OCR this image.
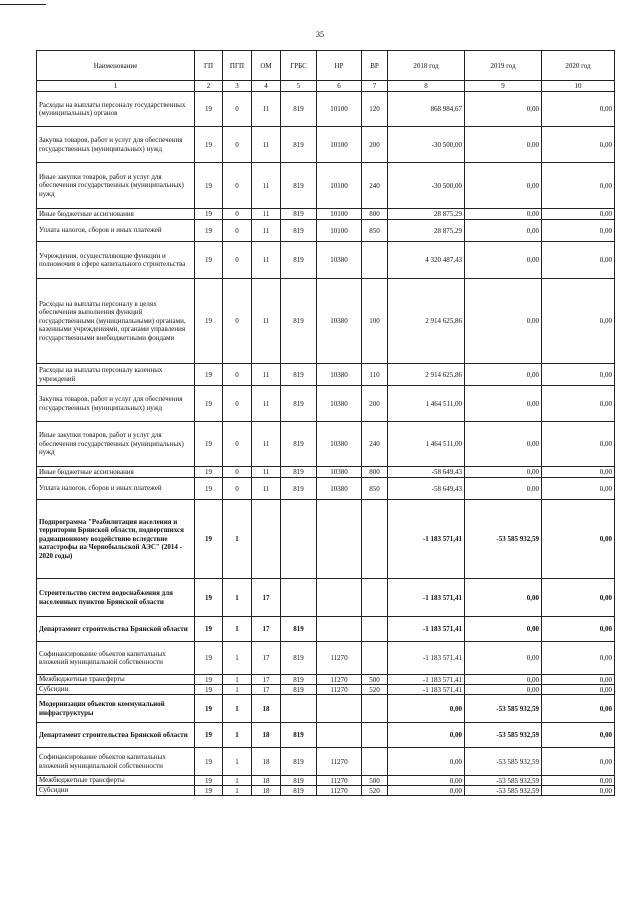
35
Наименование	ГП	ПГП	ОМ	ГРБС	НР	ВР	2018 год	2019 год	2020 год
1	2	3	4	5	6	7	8	9	10
Расходы на выплаты персоналу государственных (муниципальных) органов	19	0	11	819	10100	120	868 984,67	0,00	0,00
Закупка товаров, работ и услуг для обеспечения государственных (муниципальных) нужд	19	0	11	819	10100	200	-30 500,00	0,00	0,00
Иные закупки товаров, работ и услуг для обеспечения государственных (муниципальных) нужд	19	0	11	819	10100	240	-30 500,00	0,00	0,00
Иные бюджетные ассигнования	19	0	11	819	10100	800	28 875,29	0,00	0,00
Уплата налогов, сборов и иных платежей	19	0	11	819	10100	850	28 875,29	0,00	0,00
Учреждения, осуществляющие функции и полномочия в сфере капитального строительства	19	0	11	819	10380		4 320 487,43	0,00	0,00
Расходы на выплаты персоналу в целях обеспечения выполнения функций государственными (муниципальными) органами, казенными учреждениями, органами управления государственными внебюджетными фондами	19	0	11	819	10380	100	2 914 625,86	0,00	0,00
Расходы на выплаты персоналу казенных учреждений	19	0	11	819	10380	110	2 914 625,86	0,00	0,00
Закупка товаров, работ и услуг для обеспечения государственных (муниципальных) нужд	19	0	11	819	10380	200	1 464 511,00	0,00	0,00
Иные закупки товаров, работ и услуг для обеспечения государственных (муниципальных) нужд	19	0	11	819	10380	240	1 464 511,00	0,00	0,00
Иные бюджетные ассигнования	19	0	11	819	10380	800	-58 649,43	0,00	0,00
Уплата налогов, сборов и иных платежей	19	0	11	819	10380	850	-58 649,43	0,00	0,00
Подпрограмма "Реабилитация населения и территории Брянской области, подвергшихся радиационному воздействию вследствие катастрофы на Чернобыльской АЭС" (2014 - 2020 годы)	19	1					-1 183 571,41	-53 585 932,59	0,00
Строительство систем водоснабжения для населенных пунктов Брянской области	19	1	17				-1 183 571,41	0,00	0,00
Департамент строительства Брянской области	19	1	17	819			-1 183 571,41	0,00	0,00
Софинансирование объектов капитальных вложений муниципальной собственности	19	1	17	819	11270		-1 183 571,41	0,00	0,00
Межбюджетные трансферты	19	1	17	819	11270	500	-1 183 571,41	0,00	0,00
Субсидии	19	1	17	819	11270	520	-1 183 571,41	0,00	0,00
Модернизация объектов коммунальной инфраструктуры	19	1	18				0,00	-53 585 932,59	0,00
Департамент строительства Брянской области	19	1	18	819			0,00	-53 585 932,59	0,00
Софинансирование объектов капитальных вложений муниципальной собственности	19	1	18	819	11270		0,00	-53 585 932,59	0,00
Межбюджетные трансферты	19	1	18	819	11270	500	0,00	-53 585 932,59	0,00
Субсидии	19	1	18	819	11270	520	0,00	-53 585 932,59	0,00
